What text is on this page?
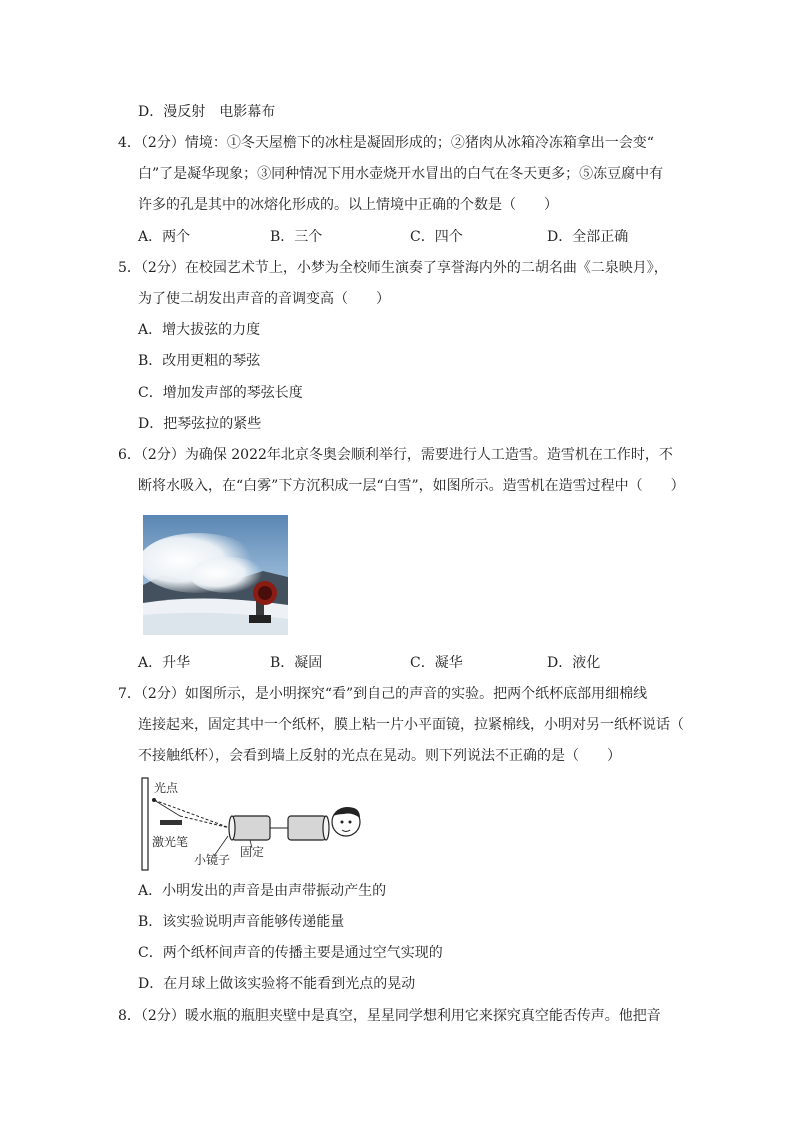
D．漫反射　电影幕布
4．（2分）情境：①冬天屋檐下的冰柱是凝固形成的；②猪肉从冰箱冷冻箱拿出一会变“
白”了是凝华现象；③同种情况下用水壶烧开水冒出的白气在冬天更多；⑤冻豆腐中有
许多的孔是其中的冰熔化形成的。以上情境中正确的个数是（　　）
A．两个	B．三个	C．四个	D．全部正确
5．（2分）在校园艺术节上，小梦为全校师生演奏了享誉海内外的二胡名曲《二泉映月》，
为了使二胡发出声音的音调变高（　　）
A．增大拔弦的力度
B．改用更粗的琴弦
C．增加发声部的琴弦长度
D．把琴弦拉的紧些
6．（2分）为确保 2022年北京冬奥会顺利举行，需要进行人工造雪。造雪机在工作时，不
断将水吸入，在“白雾”下方沉积成一层“白雪”，如图所示。造雪机在造雪过程中（　　）
A．升华	B．凝固	C．凝华	D．液化
7．（2分）如图所示，是小明探究“看”到自己的声音的实验。把两个纸杯底部用细棉线
连接起来，固定其中一个纸杯，膜上粘一片小平面镜，拉紧棉线，小明对另一纸杯说话（
不接触纸杯），会看到墙上反射的光点在晃动。则下列说法不正确的是（　　）
光点
激光笔
小镜子
固定
A．小明发出的声音是由声带振动产生的
B．该实验说明声音能够传递能量
C．两个纸杯间声音的传播主要是通过空气实现的
D．在月球上做该实验将不能看到光点的晃动
8．（2分）暖水瓶的瓶胆夹壁中是真空，星星同学想利用它来探究真空能否传声。他把音
